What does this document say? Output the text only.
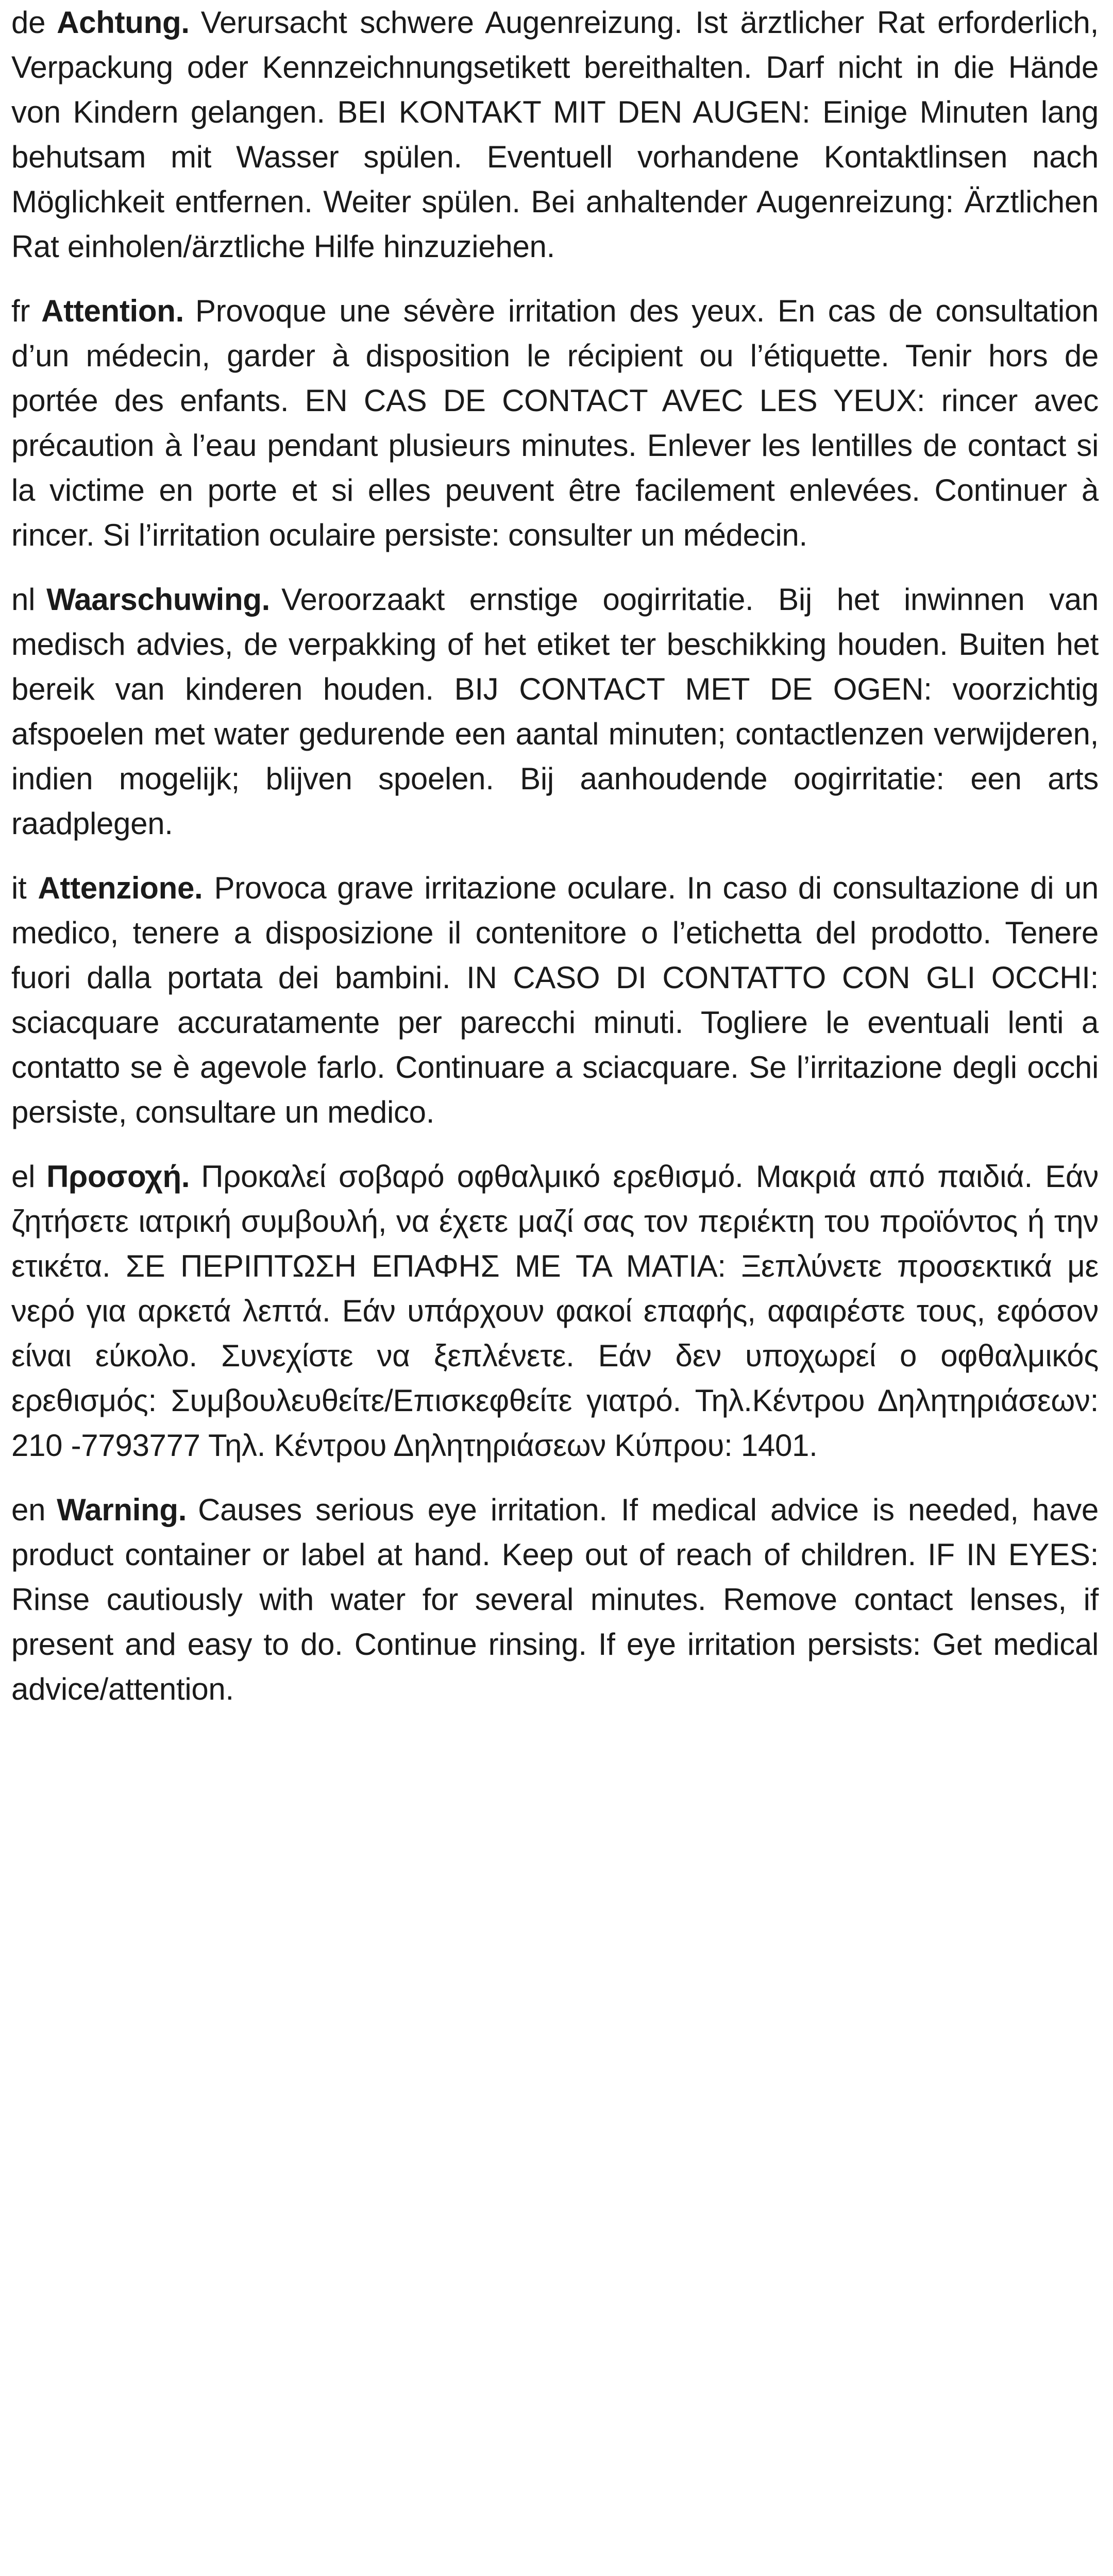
de Achtung. Verursacht schwere Augenreizung. Ist ärztlicher Rat erforderlich, Verpackung oder Kennzeichnungsetikett bereithalten. Darf nicht in die Hände von Kindern gelangen. BEI KONTAKT MIT DEN AUGEN: Einige Minuten lang behutsam mit Wasser spülen. Eventuell vorhandene Kontaktlinsen nach Möglichkeit entfernen. Weiter spülen. Bei anhaltender Augenreizung: Ärztlichen Rat einholen/ärztliche Hilfe hinzuziehen.

fr Attention. Provoque une sévère irritation des yeux. En cas de consultation d’un médecin, garder à disposition le récipient ou l’étiquette. Tenir hors de portée des enfants. EN CAS DE CONTACT AVEC LES YEUX: rincer avec précaution à l’eau pendant plusieurs minutes. Enlever les lentilles de contact si la victime en porte et si elles peuvent être facilement enlevées. Continuer à rincer. Si l’irritation oculaire persiste: consulter un médecin.

nl Waarschuwing. Veroorzaakt ernstige oogirritatie. Bij het inwinnen van medisch advies, de verpakking of het etiket ter beschikking houden. Buiten het bereik van kinderen houden. BIJ CONTACT MET DE OGEN: voorzichtig afspoelen met water gedurende een aantal minuten; contactlenzen verwijderen, indien mogelijk; blijven spoelen. Bij aanhoudende oogirritatie: een arts raadplegen.

it Attenzione. Provoca grave irritazione oculare. In caso di consultazione di un medico, tenere a disposizione il contenitore o l’etichetta del prodotto. Tenere fuori dalla portata dei bambini. IN CASO DI CONTATTO CON GLI OCCHI: sciacquare accuratamente per parecchi minuti. Togliere le eventuali lenti a contatto se è agevole farlo. Continuare a sciacquare. Se l’irritazione degli occhi persiste, consultare un medico.

el Προσοχή. Προκαλεί σοβαρό οφθαλμικό ερεθισμό. Μακριά από παιδιά. Εάν ζητήσετε ιατρική συμβουλή, να έχετε μαζί σας τον περιέκτη του προϊόντος ή την ετικέτα. ΣΕ ΠΕΡΙΠΤΩΣΗ ΕΠΑΦΗΣ ΜΕ ΤΑ ΜΑΤΙΑ: Ξεπλύνετε προσεκτικά με νερό για αρκετά λεπτά. Εάν υπάρχουν φακοί επαφής, αφαιρέστε τους, εφόσον είναι εύκολο. Συνεχίστε να ξεπλένετε. Εάν δεν υποχωρεί ο οφθαλμικός ερεθισμός: Συμβουλευθείτε/Επισκεφθείτε γιατρό. Τηλ.Κέντρου Δηλητηριάσεων: 210 -7793777 Τηλ. Κέντρου Δηλητηριάσεων Κύπρου: 1401.

en Warning. Causes serious eye irritation. If medical advice is needed, have product container or label at hand. Keep out of reach of children. IF IN EYES: Rinse cautiously with water for several minutes. Remove contact lenses, if present and easy to do. Continue rinsing. If eye irritation persists: Get medical advice/attention.
